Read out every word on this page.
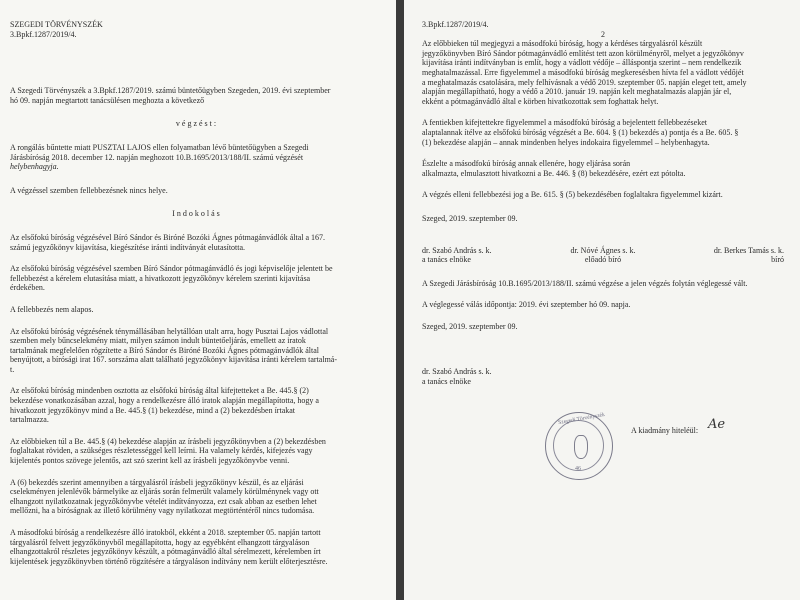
SZEGEDI TÖRVÉNYSZÉK

3.Bpkf.1287/2019/4.

A Szegedi Törvényszék a 3.Bpkf.1287/2019. számú büntetőügyben Szegeden, 2019. évi szeptember

hó 09. napján megtartott tanácsülésen meghozta a következő

v é g z é s t :

A rongálás bűntette miatt PUSZTAI LAJOS ellen folyamatban lévő büntetőügyben a Szegedi

Járásbíróság 2018. december 12. napján meghozott 10.B.1695/2013/188/II. számú végzését

helybenhagyja.

A végzéssel szemben fellebbezésnek nincs helye.

I n d o k o l á s

Az elsőfokú bíróság végzésével Bíró Sándor és Biróné Bozóki Ágnes pótmagánvádlók által a 167.

számú jegyzőkönyv kijavítása, kiegészítése iránti indítványát elutasította.

Az elsőfokú bíróság végzésével szemben Bíró Sándor pótmagánvádló és jogi képviselője jelentett be

fellebbezést a kérelem elutasítása miatt, a hivatkozott jegyzőkönyv kérelem szerinti kijavítása

érdekében.

A fellebbezés nem alapos.

Az elsőfokú bíróság végzésének ténymállásában helytállóan utalt arra, hogy Pusztai Lajos vádlottal

szemben mely bűncselekmény miatt, milyen számon indult büntetőeljárás, emellett az iratok

tartalmának megfelelően rögzítette a Bíró Sándor és Biróné Bozóki Ágnes pótmagánvádlók által

benyújtott, a bírósági irat 167. sorszáma alatt található jegyzőkönyv kijavítása iránti kérelem tartalmá-

t.

Az elsőfokú bíróság mindenben osztotta az elsőfokú bíróság által kifejtetteket a Be. 445.§ (2)

bekezdése vonatkozásában azzal, hogy a rendelkezésre álló iratok alapján megállapította, hogy a

hivatkozott jegyzőkönyv mind a Be. 445.§ (1) bekezdése, mind a (2) bekezdésben írtakat

tartalmazza.

Az előbbieken túl a Be. 445.§ (4) bekezdése alapján az írásbeli jegyzőkönyvben a (2) bekezdésben

foglaltakat röviden, a szükséges részletességgel kell leírni. Ha valamely kérdés, kifejezés vagy

kijelentés pontos szövege jelentős, azt szó szerint kell az írásbeli jegyzőkönyvbe venni.

A (6) bekezdés szerint amennyiben a tárgyalásról írásbeli jegyzőkönyv készül, és az eljárási

cselekményen jelenlévők bármelyike az eljárás során felmerült valamely körülménynek vagy ott

elhangzott nyilatkozatnak jegyzőkönyvbe vételét indítványozza, ezt csak abban az esetben lehet

mellőzni, ha a bíróságnak az illető körülmény vagy nyilatkozat megtörténtéről nincs tudomása.

A másodfokú bíróság a rendelkezésre álló iratokból, ekként a 2018. szeptember 05. napján tartott

tárgyalásról felvett jegyzőkönyvből megállapította, hogy az egyébként elhangzott tárgyaláson

elhangzottakról részletes jegyzőkönyv készült, a pótmagánvádló által sérelmezett, kérelemben írt

kijelentések jegyzőkönyvben történő rögzítésére a tárgyaláson indítvány nem került előterjesztésre.

3.Bpkf.1287/2019/4.

2

Az előbbieken túl megjegyzi a másodfokú bíróság, hogy a kérdéses tárgyalásról készült

jegyzőkönyvben Bíró Sándor pótmagánvádló említést tett azon körülményről, melyet a jegyzőkönyv

kijavítása iránti indítványban is említ, hogy a vádlott védője – álláspontja szerint – nem rendelkezik

meghatalmazással. Erre figyelemmel a másodfokú bíróság megkeresésben hívta fel a vádlott védőjét

a meghatalmazás csatolására, mely felhívásnak a védő 2019. szeptember 05. napján eleget tett, amely

alapján megállapítható, hogy a védő a 2010. január 19. napján kelt meghatalmazás alapján jár el,

ekként a pótmagánvádló által e körben hivatkozottak sem foghattak helyt.

A fentiekben kifejtettekre figyelemmel a másodfokú bíróság a bejelentett fellebbezéseket

alaptalannak ítélve az elsőfokú bíróság végzését a Be. 604. § (1) bekezdés a) pontja és a Be. 605. §

(1) bekezdése alapján – annak mindenben helyes indokaira figyelemmel – helybenhagyta.

Észlelte a másodfokú bíróság annak ellenére, hogy eljárása során

alkalmazta, elmulasztott hivatkozni a Be. 446. § (8) bekezdésére, ezért ezt pótolta.

A végzés elleni fellebbezési jog a Be. 615. § (5) bekezdésében foglaltakra figyelemmel kizárt.

Szeged, 2019. szeptember 09.

dr. Szabó András s. k.

a tanács elnöke

dr. Nóvé Ágnes s. k.

előadó bíró

dr. Berkes Tamás s. k.

bíró

A Szegedi Járásbíróság 10.B.1695/2013/188/II. számú végzése a jelen végzés folytán véglegessé vált.

A véglegessé válás időpontja: 2019. évi szeptember hó 09. napja.

Szeged, 2019. szeptember 09.

dr. Szabó András s. k.

a tanács elnöke

Szegedi Törvényszék
46
A kiadmány hiteléül: Ae
